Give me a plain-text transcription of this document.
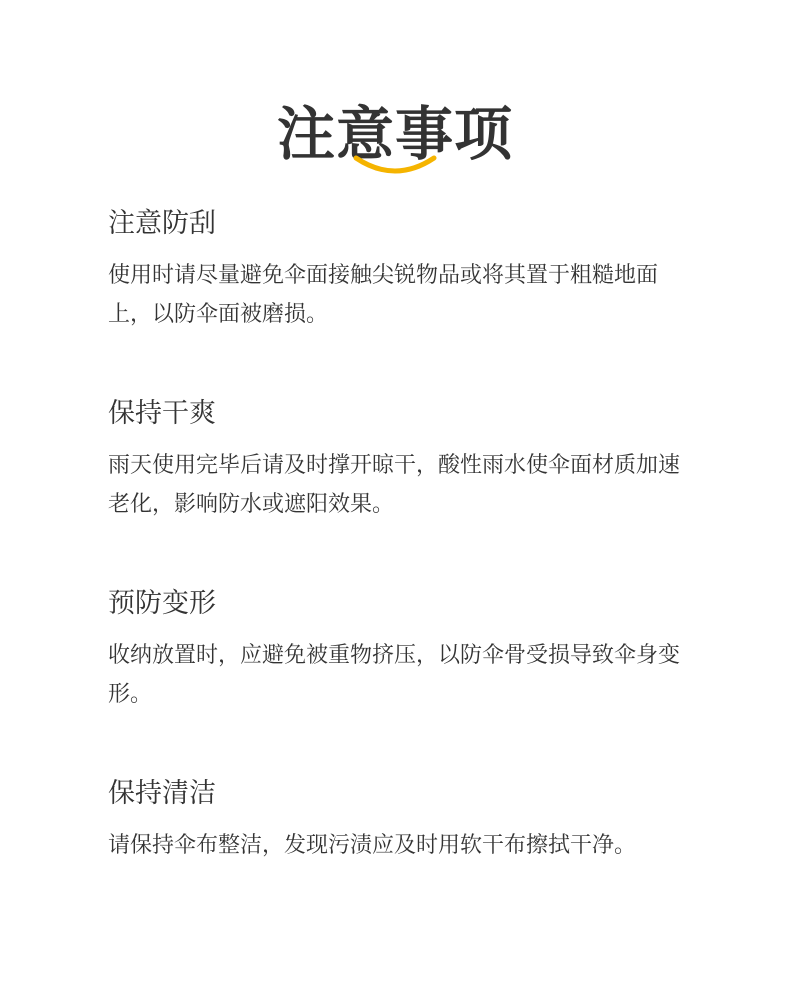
注意事项
注意防刮

使用时请尽量避免伞面接触尖锐物品或将其置于粗糙地面上，以防伞面被磨损。

保持干爽

雨天使用完毕后请及时撑开晾干，酸性雨水使伞面材质加速老化，影响防水或遮阳效果。

预防变形

收纳放置时，应避免被重物挤压，以防伞骨受损导致伞身变形。

保持清洁

请保持伞布整洁，发现污渍应及时用软干布擦拭干净。
